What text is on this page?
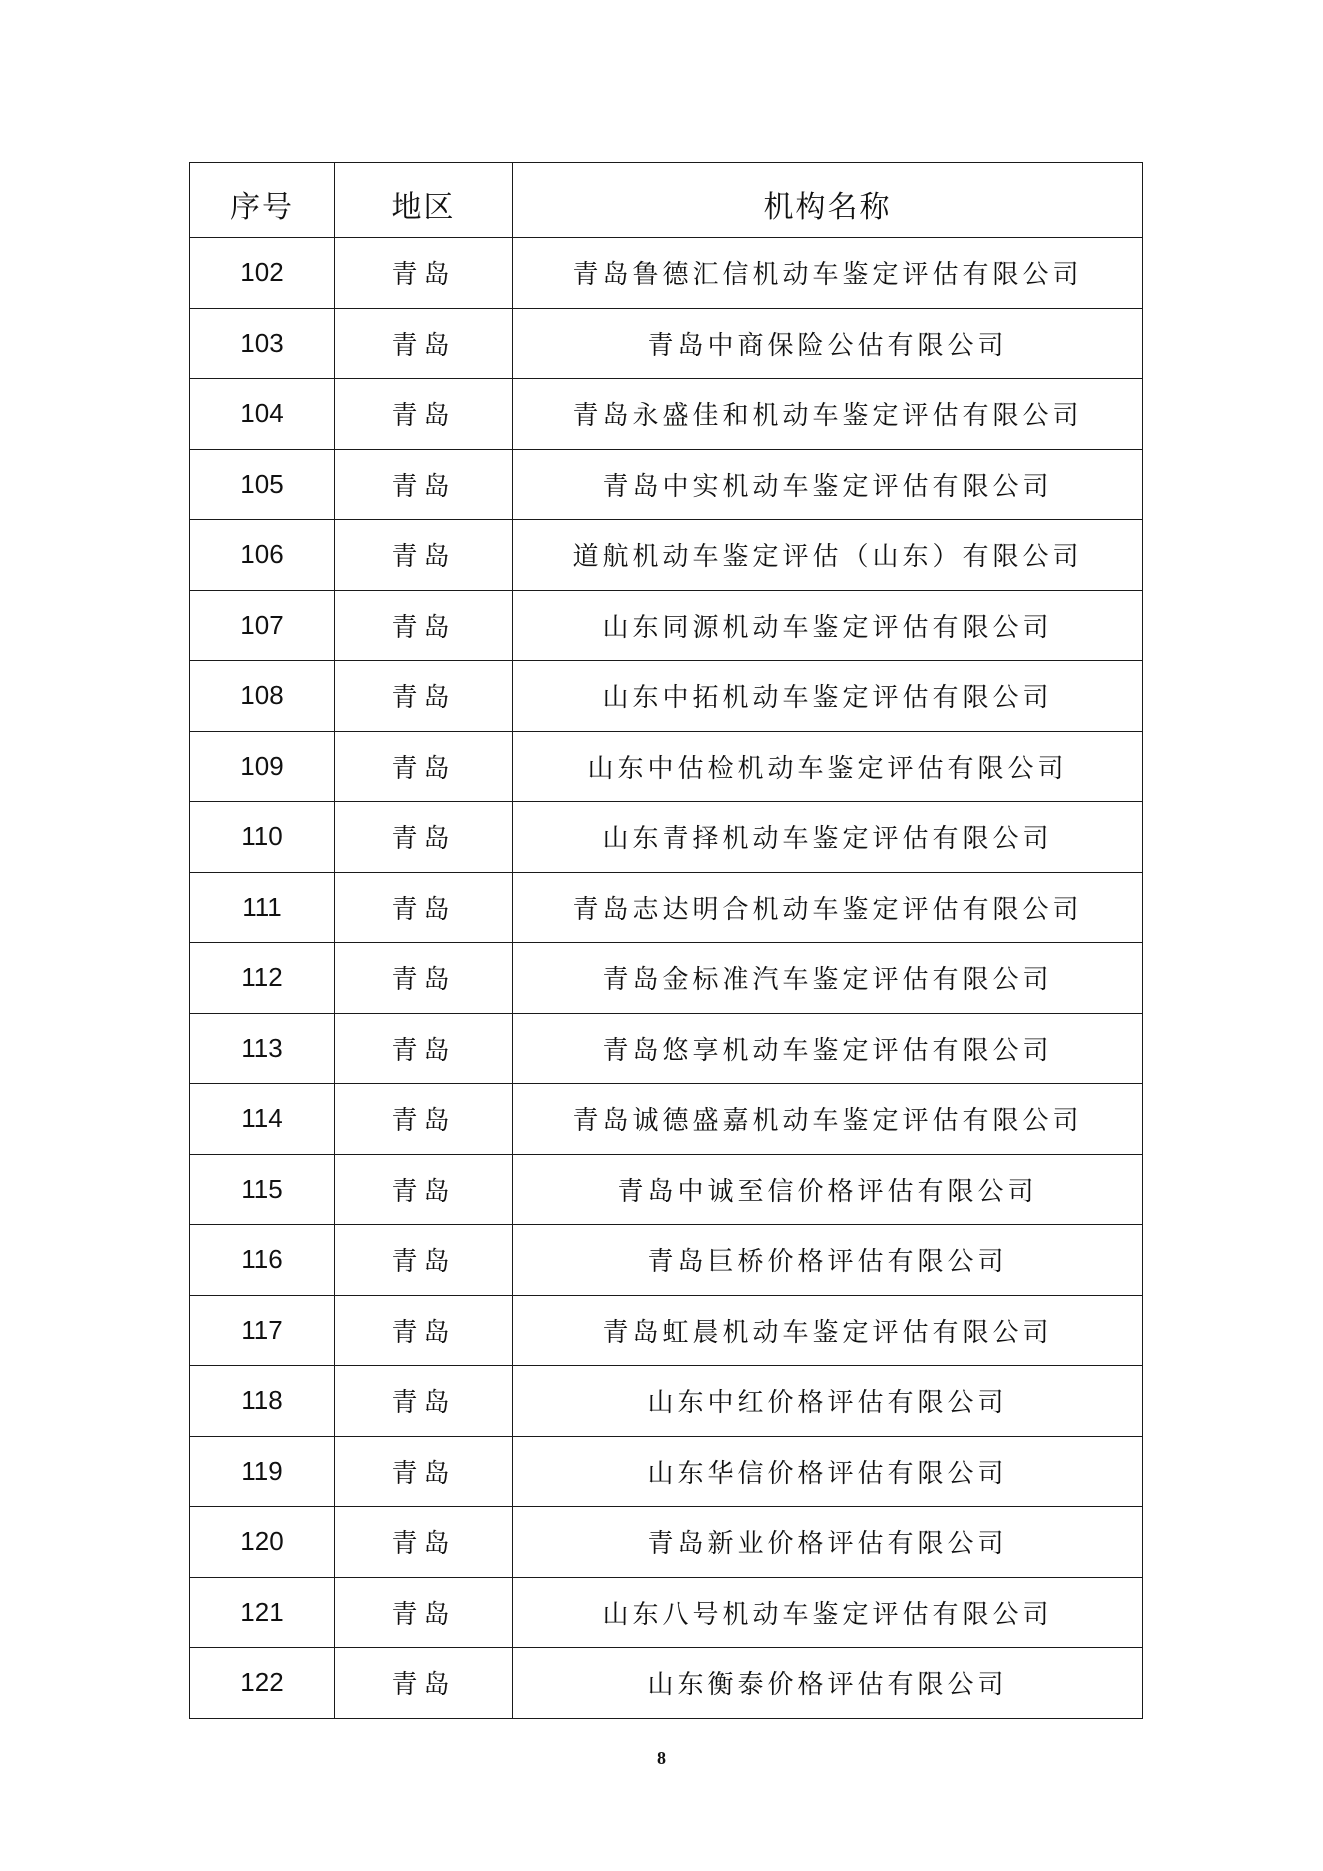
序号	地区	机构名称
102	青岛	青岛鲁德汇信机动车鉴定评估有限公司
103	青岛	青岛中商保险公估有限公司
104	青岛	青岛永盛佳和机动车鉴定评估有限公司
105	青岛	青岛中实机动车鉴定评估有限公司
106	青岛	道航机动车鉴定评估（山东）有限公司
107	青岛	山东同源机动车鉴定评估有限公司
108	青岛	山东中拓机动车鉴定评估有限公司
109	青岛	山东中估检机动车鉴定评估有限公司
110	青岛	山东青择机动车鉴定评估有限公司
111	青岛	青岛志达明合机动车鉴定评估有限公司
112	青岛	青岛金标准汽车鉴定评估有限公司
113	青岛	青岛悠享机动车鉴定评估有限公司
114	青岛	青岛诚德盛嘉机动车鉴定评估有限公司
115	青岛	青岛中诚至信价格评估有限公司
116	青岛	青岛巨桥价格评估有限公司
117	青岛	青岛虹晨机动车鉴定评估有限公司
118	青岛	山东中红价格评估有限公司
119	青岛	山东华信价格评估有限公司
120	青岛	青岛新业价格评估有限公司
121	青岛	山东八号机动车鉴定评估有限公司
122	青岛	山东衡泰价格评估有限公司
8
